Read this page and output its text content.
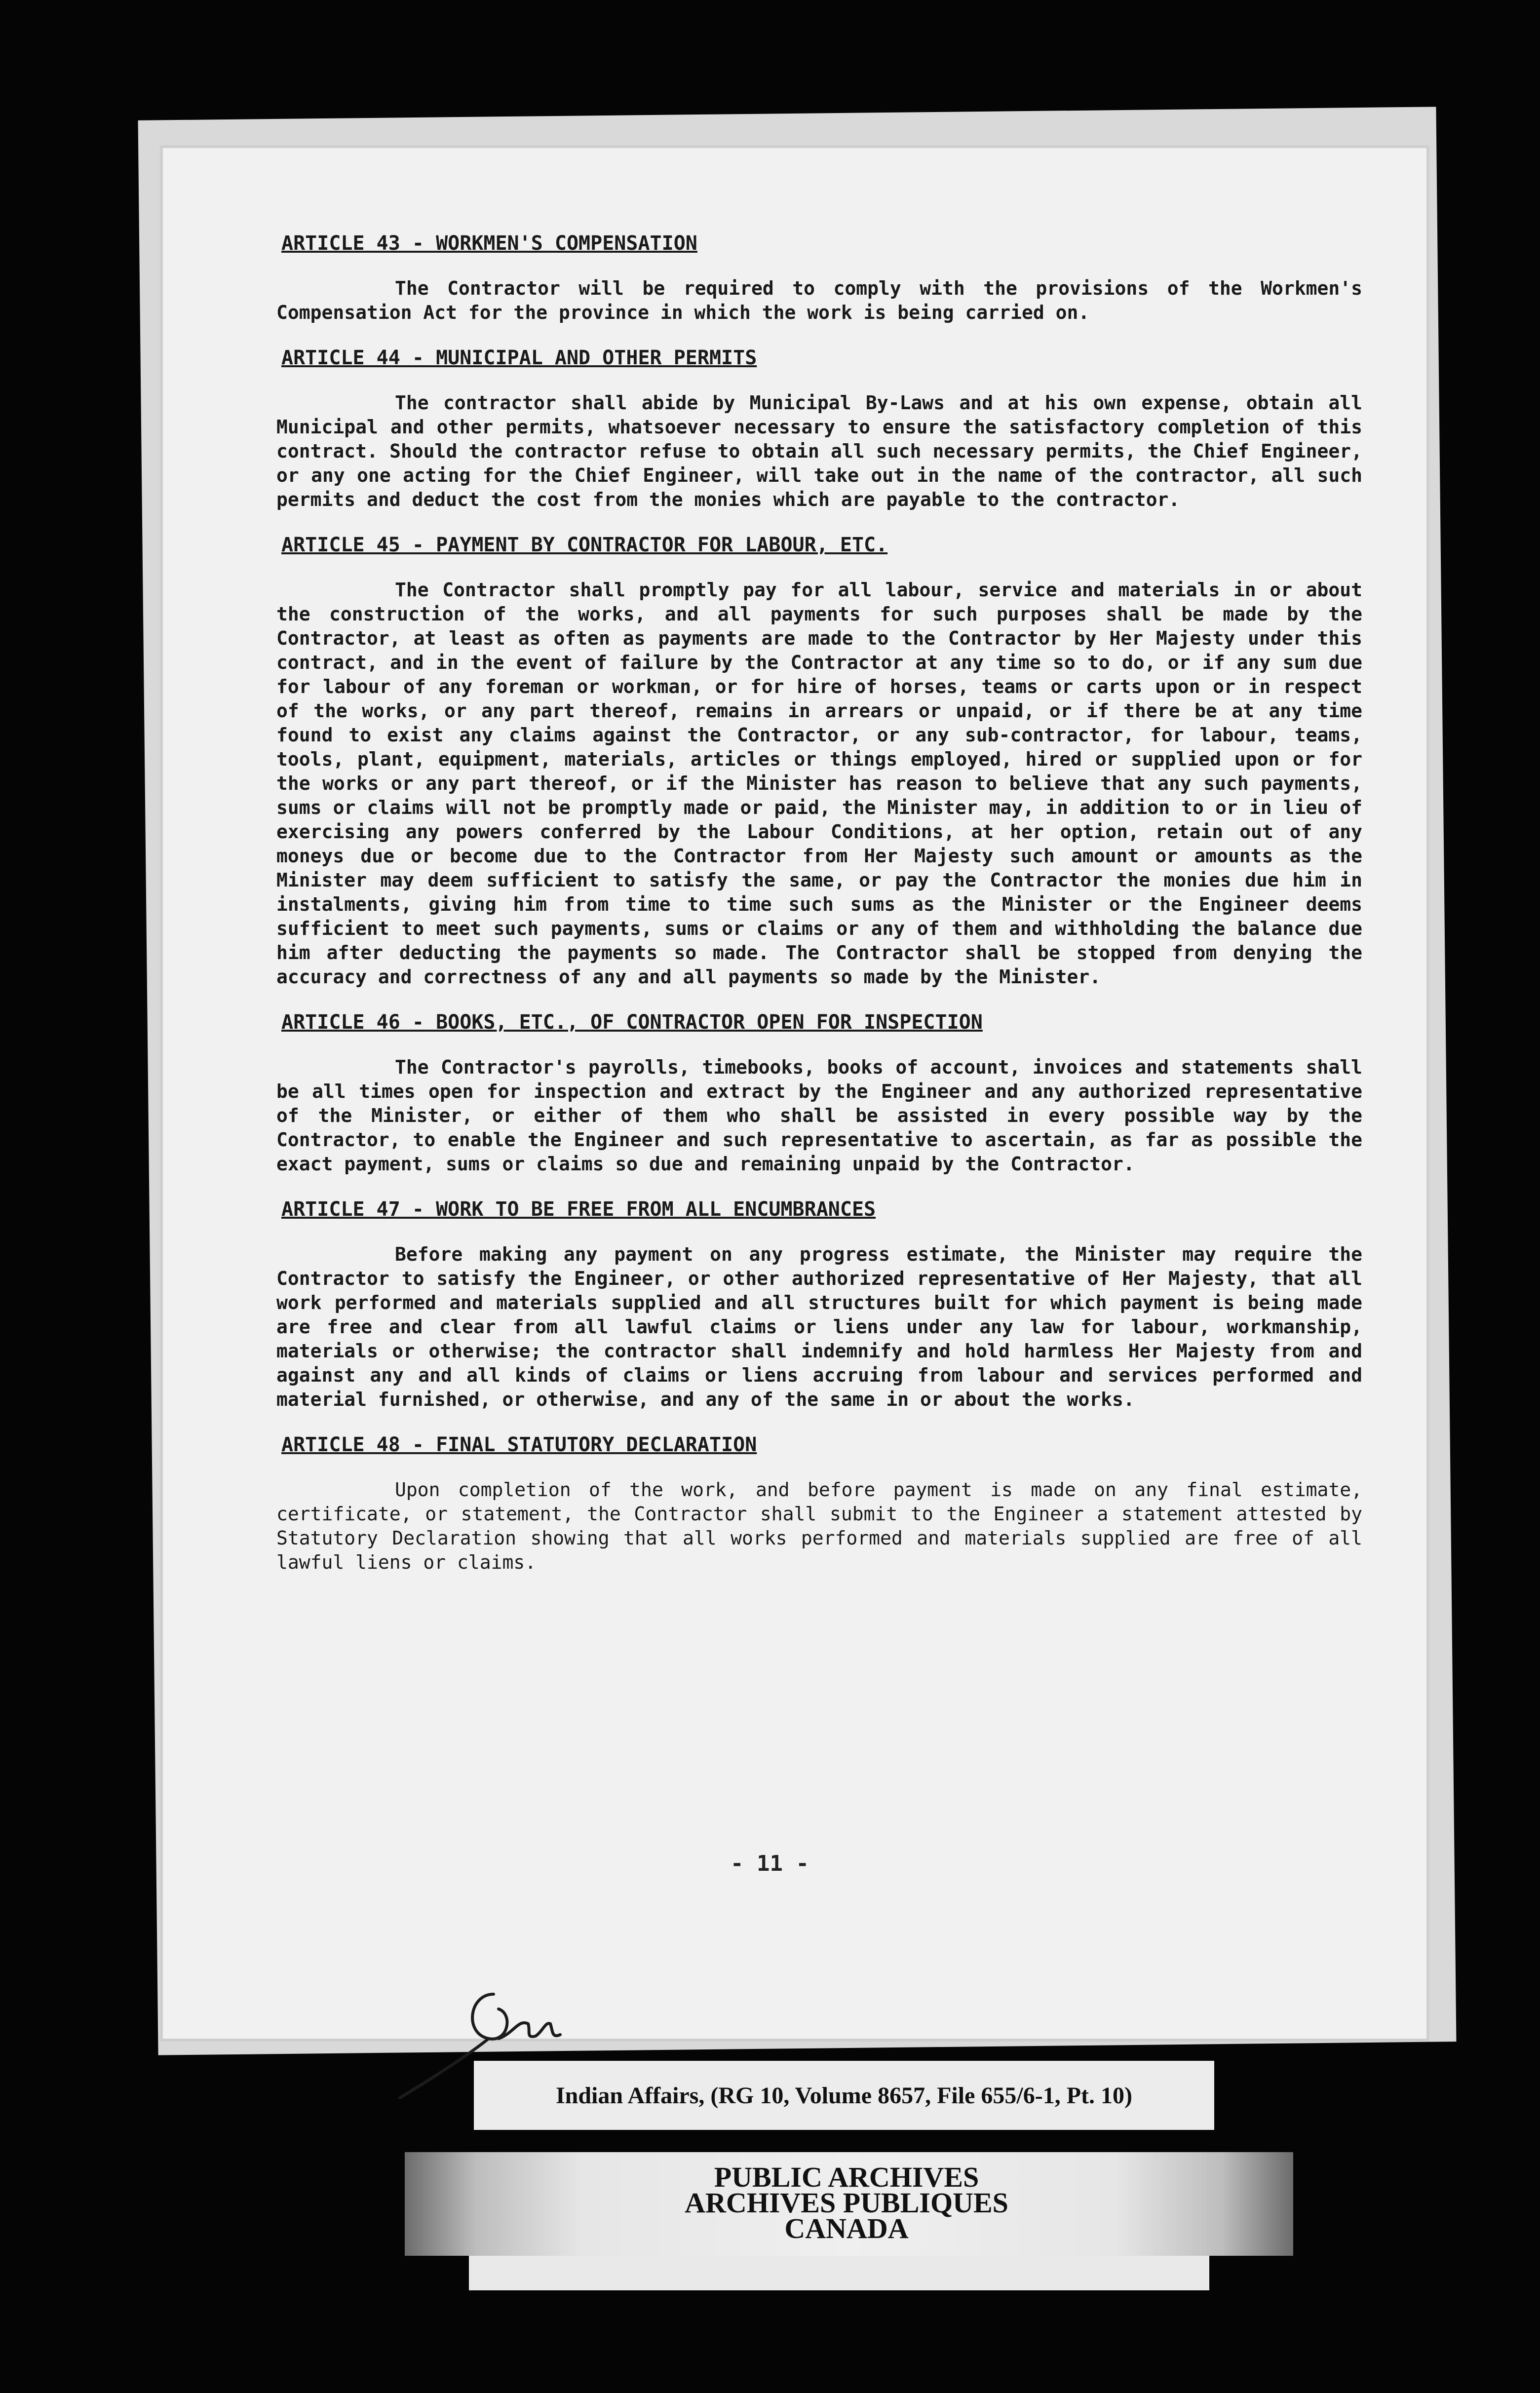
ARTICLE 43 - WORKMEN'S COMPENSATION

The Contractor will be required to comply with the provisions of the Workmen's Compensation Act for the province in which the work is being carried on.

ARTICLE 44 - MUNICIPAL AND OTHER PERMITS

The contractor shall abide by Municipal By-Laws and at his own expense, obtain all Municipal and other permits, whatsoever necessary to ensure the satisfactory completion of this contract. Should the contractor refuse to obtain all such necessary permits, the Chief Engineer, or any one acting for the Chief Engineer, will take out in the name of the contractor, all such permits and deduct the cost from the monies which are payable to the contractor.

ARTICLE 45 - PAYMENT BY CONTRACTOR FOR LABOUR, ETC.

The Contractor shall promptly pay for all labour, service and materials in or about the construction of the works, and all payments for such purposes shall be made by the Contractor, at least as often as payments are made to the Contractor by Her Majesty under this contract, and in the event of failure by the Contractor at any time so to do, or if any sum due for labour of any foreman or workman, or for hire of horses, teams or carts upon or in respect of the works, or any part thereof, remains in arrears or unpaid, or if there be at any time found to exist any claims against the Contractor, or any sub-contractor, for labour, teams, tools, plant, equipment, materials, articles or things employed, hired or supplied upon or for the works or any part thereof, or if the Minister has reason to believe that any such payments, sums or claims will not be promptly made or paid, the Minister may, in addition to or in lieu of exercising any powers conferred by the Labour Conditions, at her option, retain out of any moneys due or become due to the Contractor from Her Majesty such amount or amounts as the Minister may deem sufficient to satisfy the same, or pay the Contractor the monies due him in instalments, giving him from time to time such sums as the Minister or the Engineer deems sufficient to meet such payments, sums or claims or any of them and withholding the balance due him after deducting the payments so made. The Contractor shall be stopped from denying the accuracy and correctness of any and all payments so made by the Minister.

ARTICLE 46 - BOOKS, ETC., OF CONTRACTOR OPEN FOR INSPECTION

The Contractor's payrolls, timebooks, books of account, invoices and statements shall be all times open for inspection and extract by the Engineer and any authorized representative of the Minister, or either of them who shall be assisted in every possible way by the Contractor, to enable the Engineer and such representative to ascertain, as far as possible the exact payment, sums or claims so due and remaining unpaid by the Contractor.

ARTICLE 47 - WORK TO BE FREE FROM ALL ENCUMBRANCES

Before making any payment on any progress estimate, the Minister may require the Contractor to satisfy the Engineer, or other authorized representative of Her Majesty, that all work performed and materials supplied and all structures built for which payment is being made are free and clear from all lawful claims or liens under any law for labour, workmanship, materials or otherwise; the contractor shall indemnify and hold harmless Her Majesty from and against any and all kinds of claims or liens accruing from labour and services performed and material furnished, or otherwise, and any of the same in or about the works.

ARTICLE 48 - FINAL STATUTORY DECLARATION

Upon completion of the work, and before payment is made on any final estimate, certificate, or statement, the Contractor shall submit to the Engineer a statement attested by Statutory Declaration showing that all works performed and materials supplied are free of all lawful liens or claims.

- 11 -
Indian Affairs, (RG 10, Volume 8657, File 655/6-1, Pt. 10)
PUBLIC ARCHIVES
ARCHIVES PUBLIQUES
CANADA
